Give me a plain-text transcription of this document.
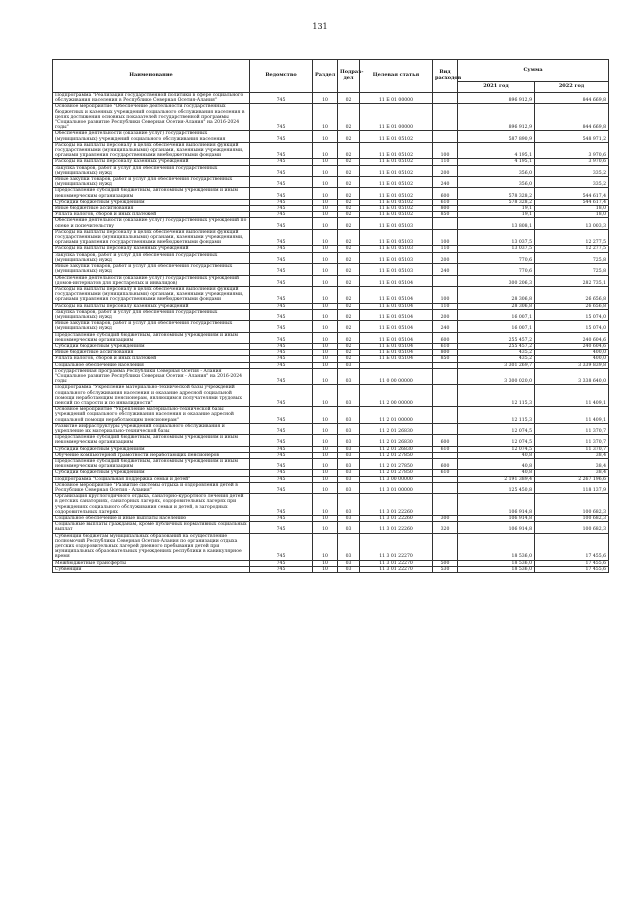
131
Наименование	Ведомство	Раздел	Подраз-дел	Целевая статья	Вид расходов	Сумма	
						2021 год	2022 год
Подпрограмма "Реализация государственной политики в сфере социального обслуживания населения в Республике Северная Осетия-Алания"	745	10	02	11 Б 01 00000		896 912,9	844 669,8
Основное мероприятие "Обеспечение деятельности государственных бюджетных и казенных учреждений социального обслуживания населения в целях достижения основных показателей государственной программы "Социальное развитие Республики Северная Осетия-Алания" на 2016-2024 годы"	745	10	02	11 Б 01 00000		896 912,9	844 669,8
Обеспечение деятельности (оказание услуг) государственных (муниципальных) учреждений социального обслуживания населения	745	10	02	11 Б 01 05102		587 890,9	548 971,2
Расходы на выплаты персоналу в целях обеспечения выполнения функций государственными (муниципальными) органами, казенными учреждениями, органами управления государственными внебюджетными фондами	745	10	02	11 Б 01 05102	100	4 195,1	3 970,6
Расходы на выплаты персоналу казенных учреждений	745	10	02	11 Б 01 05102	110	4 195,1	3 970,6
Закупка товаров, работ и услуг для обеспечения государственных (муниципальных) нужд	745	10	02	11 Б 01 05102	200	356,0	335,2
Иные закупки товаров, работ и услуг для обеспечения государственных (муниципальных) нужд	745	10	02	11 Б 01 05102	240	356,0	335,2
Предоставление субсидий бюджетным, автономным учреждениям и иным некоммерческим организациям	745	10	02	11 Б 01 05102	600	578 328,2	544 617,4
Субсидии бюджетным учреждениям	745	10	02	11 Б 01 05102	610	578 328,2	544 617,4
Иные бюджетные ассигнования	745	10	02	11 Б 01 05102	800	19,1	18,0
Уплата налогов, сборов и иных платежей	745	10	02	11 Б 01 05102	850	19,1	18,0
Обеспечение деятельности (оказание услуг) государственных учреждений по опеке и попечительству	745	10	02	11 Б 01 05103		13 808,1	13 003,3
Расходы на выплаты персоналу в целях обеспечения выполнения функций государственными (муниципальными) органами, казенными учреждениями, органами управления государственными внебюджетными фондами	745	10	02	11 Б 01 05103	100	13 037,5	12 277,5
Расходы на выплаты персоналу казенных учреждений	745	10	02	11 Б 01 05103	110	13 037,5	12 277,5
Закупка товаров, работ и услуг для обеспечения государственных (муниципальных) нужд	745	10	02	11 Б 01 05103	200	770,6	725,8
Иные закупки товаров, работ и услуг для обеспечения государственных (муниципальных) нужд	745	10	02	11 Б 01 05103	240	770,6	725,8
Обеспечение деятельности (оказание услуг) государственных учреждений (домов-интернатов для престарелых и инвалидов)	745	10	02	11 Б 01 05104		300 206,3	282 735,1
Расходы на выплаты персоналу в целях обеспечения выполнения функций государственными (муниципальными) органами, казенными учреждениями, органами управления государственными внебюджетными фондами	745	10	02	11 Б 01 05104	100	28 306,8	26 656,8
Расходы на выплаты персоналу казенных учреждений	745	10	02	11 Б 01 05104	110	28 306,8	26 656,8
Закупка товаров, работ и услуг для обеспечения государственных (муниципальных) нужд	745	10	02	11 Б 01 05104	200	16 007,1	15 074,0
Иные закупки товаров, работ и услуг для обеспечения государственных (муниципальных) нужд	745	10	02	11 Б 01 05104	240	16 007,1	15 074,0
Предоставление субсидий бюджетным, автономным учреждениям и иным некоммерческим организациям	745	10	02	11 Б 01 05104	600	255 457,2	240 604,6
Субсидии бюджетным учреждениям	745	10	02	11 Б 01 05104	610	255 457,2	240 604,6
Иные бюджетные ассигнования	745	10	02	11 Б 01 05104	800	435,2	400,0
Уплата налогов, сборов и иных платежей	745	10	02	11 Б 01 05104	850	435,2	400,0
Социальное обеспечение населения	745	10	03			3 301 269,7	3 339 839,8
Государственная программа Республики Северная Осетия - Алания "Социальное развитие Республики Северная Осетия - Алания" на 2016-2024 годы	745	10	03	11 0 00 00000		3 300 020,0	3 338 640,0
Подпрограмма "Укрепление материально-технической базы учреждений социального обслуживания населения и оказание адресной социальной помощи неработающим пенсионерам, являющимся получателями трудовых пенсий по старости и по инвалидности"	745	10	03	11 2 00 00000		12 115,3	11 409,1
Основное мероприятие "Укрепление материально-технической базы учреждений социального обслуживания населения и оказание адресной социальной помощи неработающим пенсионерам"	745	10	03	11 2 01 00000		12 115,3	11 409,1
Развитие инфраструктуры учреждений социального обслуживания и укрепление их материально-технической базы	745	10	03	11 2 01 26830		12 074,5	11 370,7
Предоставление субсидий бюджетным, автономным учреждениям и иным некоммерческим организациям	745	10	03	11 2 01 26830	600	12 074,5	11 370,7
Субсидии бюджетным учреждениям	745	10	03	11 2 01 26830	610	12 074,5	11 370,7
Обучение компьютерной грамотности неработающих пенсионеров	745	10	03	11 2 01 27850		40,8	38,4
Предоставление субсидий бюджетным, автономным учреждениям и иным некоммерческим организациям	745	10	03	11 2 01 27850	600	40,8	38,4
Субсидии бюджетным учреждениям	745	10	03	11 2 01 27850	610	40,8	38,4
Подпрограмма "Социальная поддержка семьи и детей"	745	10	03	11 3 00 00000		2 191 389,4	2 267 196,6
Основное мероприятие "Развитие системы отдыха и оздоровления детей в Республике Северная Осетия - Алания"	745	10	03	11 3 01 00000		125 450,8	118 137,9
Организация круглогодичного отдыха, санаторно-курортного лечения детей в детских санаториях, санаторных лагерях, оздоровительных лагерях при учреждениях социального обслуживания семьи и детей, в загородных оздоровительных лагерях	745	10	03	11 3 01 22260		106 914,8	100 682,3
Социальное обеспечение и иные выплаты населению	745	10	03	11 3 01 22260	300	106 914,8	100 682,3
Социальные выплаты гражданам, кроме публичных нормативных социальных выплат	745	10	03	11 3 01 22260	320	106 914,8	100 682,3
Субвенции бюджетам муниципальных образований на осуществление полномочий Республики Северная Осетия-Алания по организации отдыха детских оздоровительных лагерей дневного пребывания детей при муниципальных образовательных учреждениях республики в каникулярное время	745	10	03	11 3 01 22270		18 536,0	17 455,6
Межбюджетные трансферты	745	10	03	11 3 01 22270	500	18 536,0	17 455,6
Субвенции	745	10	03	11 3 01 22270	530	18 536,0	17 455,6
